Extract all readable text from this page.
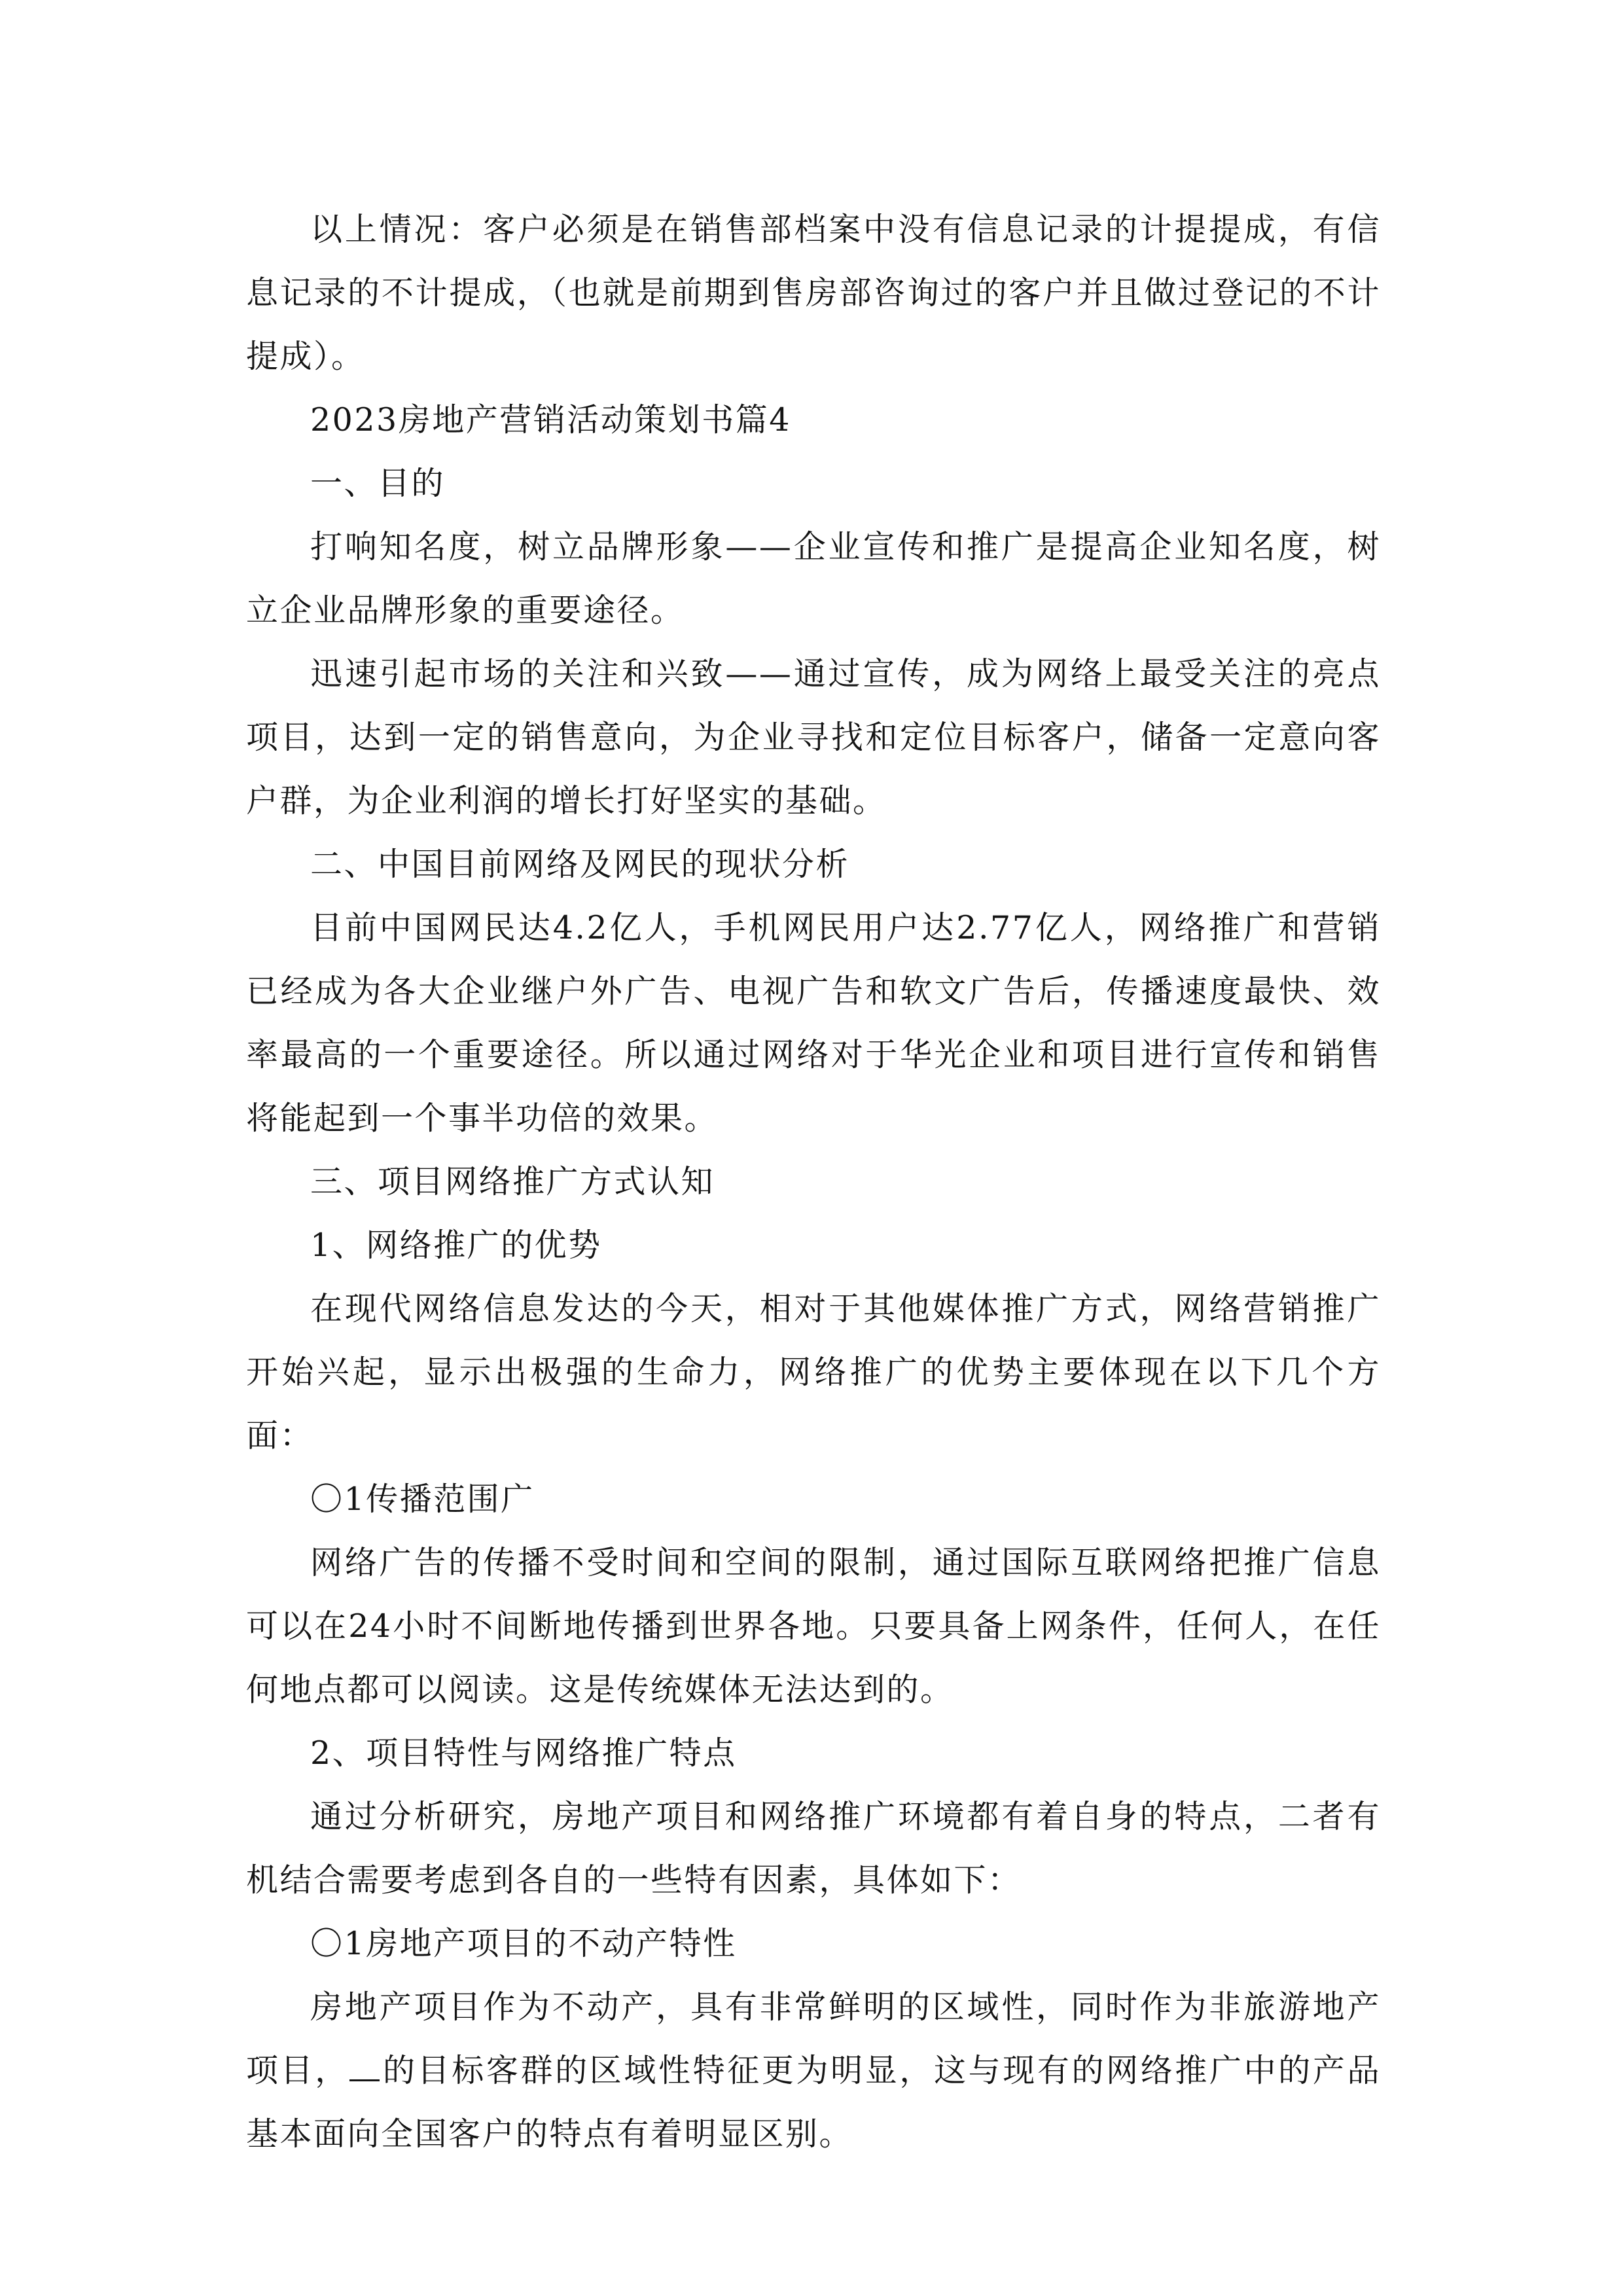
以上情况：客户必须是在销售部档案中没有信息记录的计提提成，有信息记录的不计提成，（也就是前期到售房部咨询过的客户并且做过登记的不计提成）。

2023房地产营销活动策划书篇4

一、目的

打响知名度，树立品牌形象——企业宣传和推广是提高企业知名度，树立企业品牌形象的重要途径。

迅速引起市场的关注和兴致——通过宣传，成为网络上最受关注的亮点项目，达到一定的销售意向，为企业寻找和定位目标客户，储备一定意向客户群，为企业利润的增长打好坚实的基础。

二、中国目前网络及网民的现状分析

目前中国网民达4.2亿人，手机网民用户达2.77亿人，网络推广和营销已经成为各大企业继户外广告、电视广告和软文广告后，传播速度最快、效率最高的一个重要途径。所以通过网络对于华光企业和项目进行宣传和销售将能起到一个事半功倍的效果。

三、项目网络推广方式认知

1、网络推广的优势

在现代网络信息发达的今天，相对于其他媒体推广方式，网络营销推广开始兴起，显示出极强的生命力，网络推广的优势主要体现在以下几个方面：

〇1传播范围广

网络广告的传播不受时间和空间的限制，通过国际互联网络把推广信息可以在24小时不间断地传播到世界各地。只要具备上网条件，任何人，在任何地点都可以阅读。这是传统媒体无法达到的。

2、项目特性与网络推广特点

通过分析研究，房地产项目和网络推广环境都有着自身的特点，二者有机结合需要考虑到各自的一些特有因素，具体如下：

〇1房地产项目的不动产特性

房地产项目作为不动产，具有非常鲜明的区域性，同时作为非旅游地产项目， 的目标客群的区域性特征更为明显，这与现有的网络推广中的产品基本面向全国客户的特点有着明显区别。
